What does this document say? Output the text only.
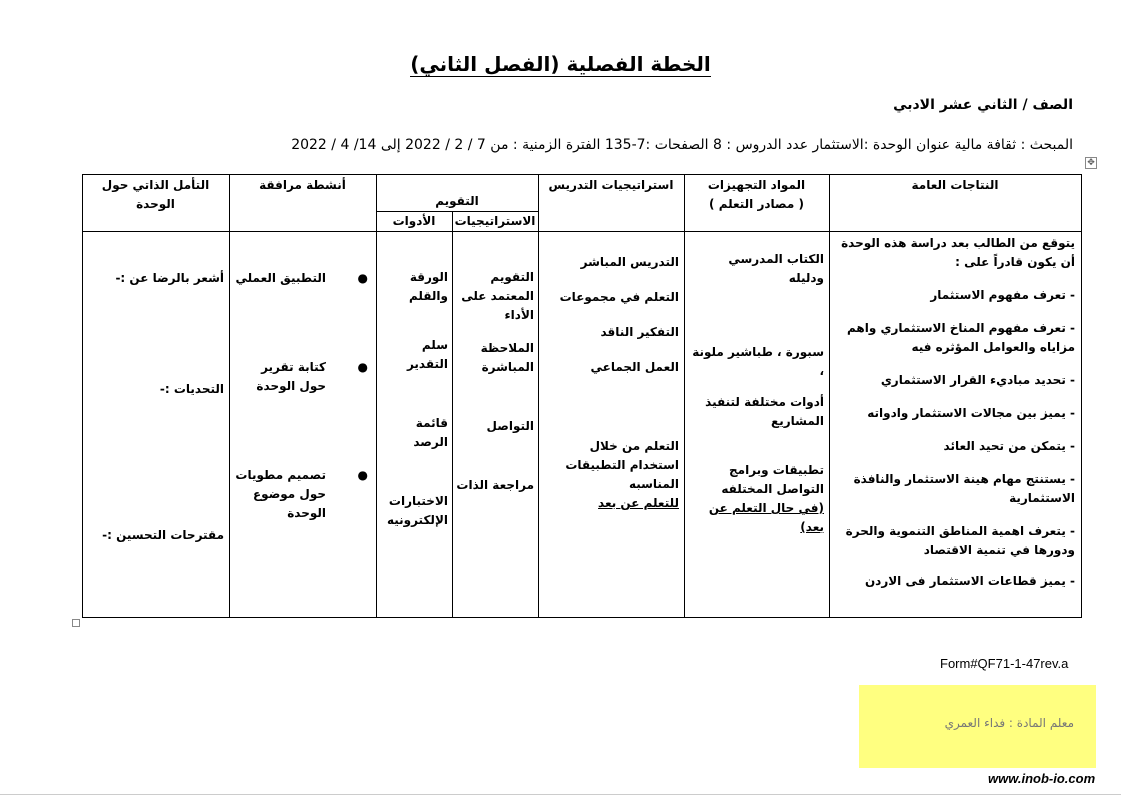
الخطة الفصلية (الفصل الثاني)
الصف / الثاني عشر الادبي
المبحث : ثقافة مالية عنوان الوحدة :الاستثمار عدد الدروس : 8 الصفحات :7-135 الفترة الزمنية : من 7 / 2 / 2022 إلى 14/ 4 / 2022
✥
النتاجات العامة
المواد التجهيزات
( مصادر التعلم )
استراتيجيات التدريس
التقويم
الاستراتيجيات
الأدوات
أنشطة مرافقة
التأمل الذاتي حول الوحدة
يتوقع من الطالب بعد دراسة هذه الوحدة أن يكون قادراً على :
- تعرف مفهوم الاستثمار
- تعرف مفهوم المناخ الاستثماري واهم مزاياه والعوامل المؤثره فيه
- تحديد مباديء القرار الاستثماري
- يميز بين مجالات الاستثمار وادواته
- يتمكن من تحيد العائد
- يستنتج مهام هينة الاستثمار والنافذة الاستثمارية
- يتعرف اهمية المناطق التنموية والحرة ودورها في تنمية الاقتصاد
- يميز قطاعات الاستثمار فى الاردن
الكتاب المدرسي ودليله
سبورة ، طباشير ملونة ،
أدوات مختلفة لتنفيذ المشاريع
تطبيقات وبرامج التواصل المختلفه
(في حال التعلم عن بعد)
التدريس المباشر
التعلم في مجموعات
التفكير الناقد
العمل الجماعي
التعلم من خلال استخدام التطبيقات المناسبه
للتعلم عن بعد
التقويم المعتمد على الأداء
الملاحظة المباشرة
التواصل
مراجعة الذات
الورقة والقلم
سلم التقدير
قائمة الرصد
الاختبارات الإلكترونيه
●
التطبيق العملي
●
كتابة تقرير حول الوحدة
●
تصميم مطويات حول موضوع الوحدة
أشعر بالرضا عن :-
التحديات :-
مقترحات التحسين :-
Form#QF71-1-47rev.a
معلم المادة : فداء العمري
www.inob-io.com
